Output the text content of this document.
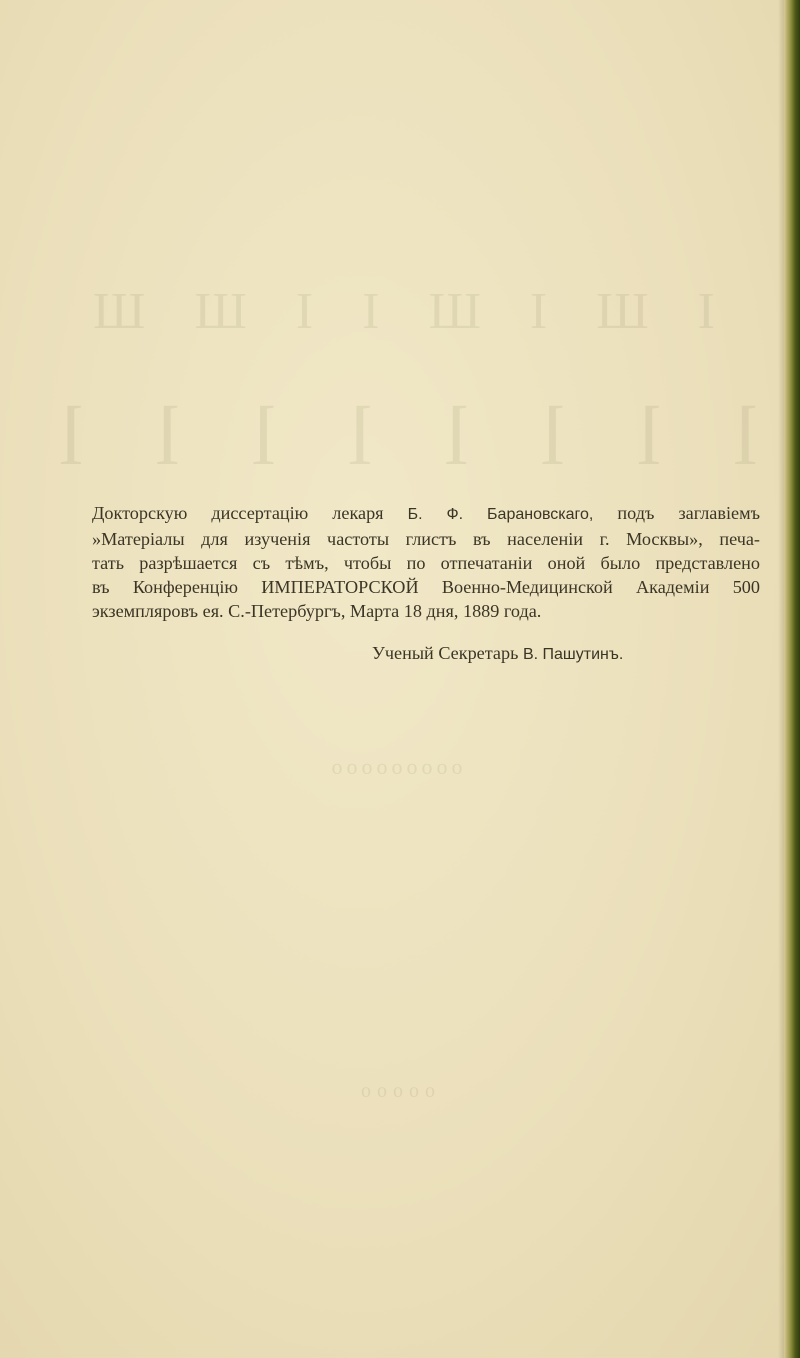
Ӏ Ш І Ш Ӏ Ӏ Ш Ш
ӏ ӏ ӏ ӏ ӏ ӏ ӏ ӏ
ооооооооо
ооооо
Докторскую диссертацію лекаря Б. Ф. Барановскаго, подъ заглавіемъ
»Матеріалы для изученія частоты глистъ въ населеніи г. Москвы», печа-
тать разрѣшается съ тѣмъ, чтобы по отпечатаніи оной было представлено
въ Конференцію ИМПЕРАТОРСКОЙ Военно-Медицинской Академіи 500
экземпляровъ ея. С.-Петербургъ, Марта 18 дня, 1889 года.
Ученый Секретарь В. Пашутинъ.
